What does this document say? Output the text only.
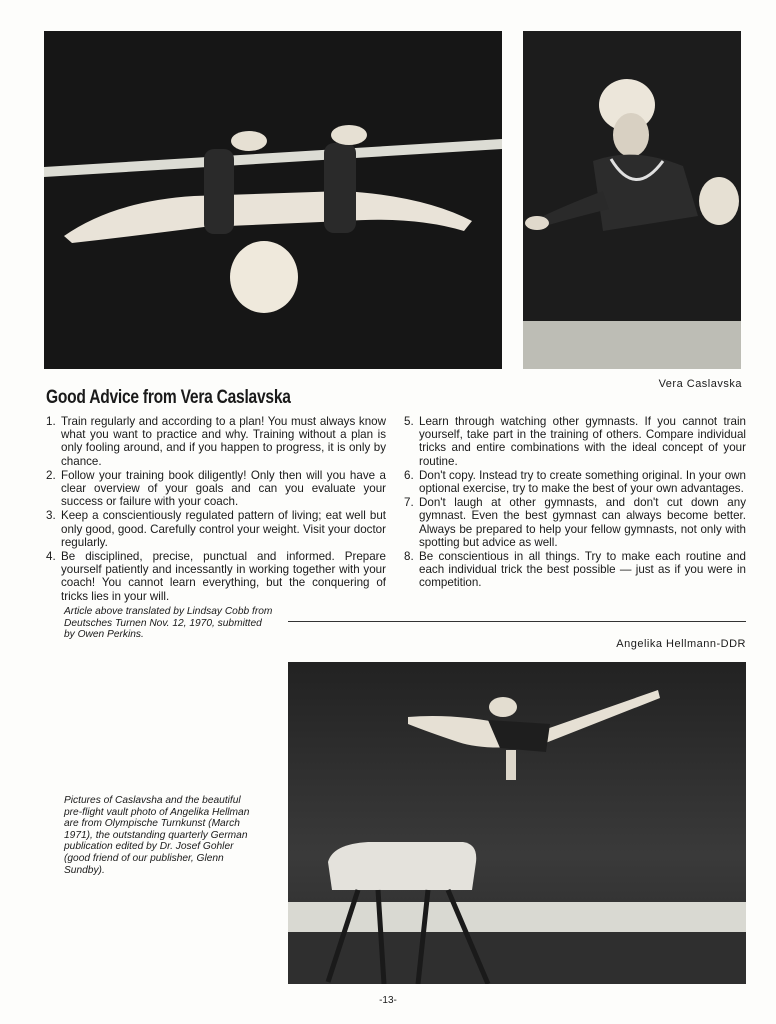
Vera Caslavska
Good Advice from Vera Caslavska
1. Train regularly and according to a plan! You must always know what you want to practice and why. Training without a plan is only fooling around, and if you happen to progress, it is only by chance.
2. Follow your training book diligently! Only then will you have a clear overview of your goals and can you evaluate your success or failure with your coach.
3. Keep a conscientiously regulated pattern of living; eat well but only good, good. Carefully control your weight. Visit your doctor regularly.
4. Be disciplined, precise, punctual and informed. Prepare yourself patiently and incessantly in working together with your coach! You cannot learn everything, but the conquering of tricks lies in your will.
5. Learn through watching other gymnasts. If you cannot train yourself, take part in the training of others. Compare individual tricks and entire combinations with the ideal concept of your routine.
6. Don't copy. Instead try to create something original. In your own optional exercise, try to make the best of your own advantages.
7. Don't laugh at other gymnasts, and don't cut down any gymnast. Even the best gymnast can always become better. Always be prepared to help your fellow gymnasts, not only with spotting but advice as well.
8. Be conscientious in all things. Try to make each routine and each individual trick the best possible — just as if you were in competition.
Article above translated by Lindsay Cobb from Deutsches Turnen Nov. 12, 1970, submitted by Owen Perkins.
Angelika Hellmann-DDR
Pictures of Caslavsha and the beautiful pre-flight vault photo of Angelika Hellman are from Olympische Turnkunst (March 1971), the outstanding quarterly German publication edited by Dr. Josef Gohler (good friend of our publisher, Glenn Sundby).
-13-
